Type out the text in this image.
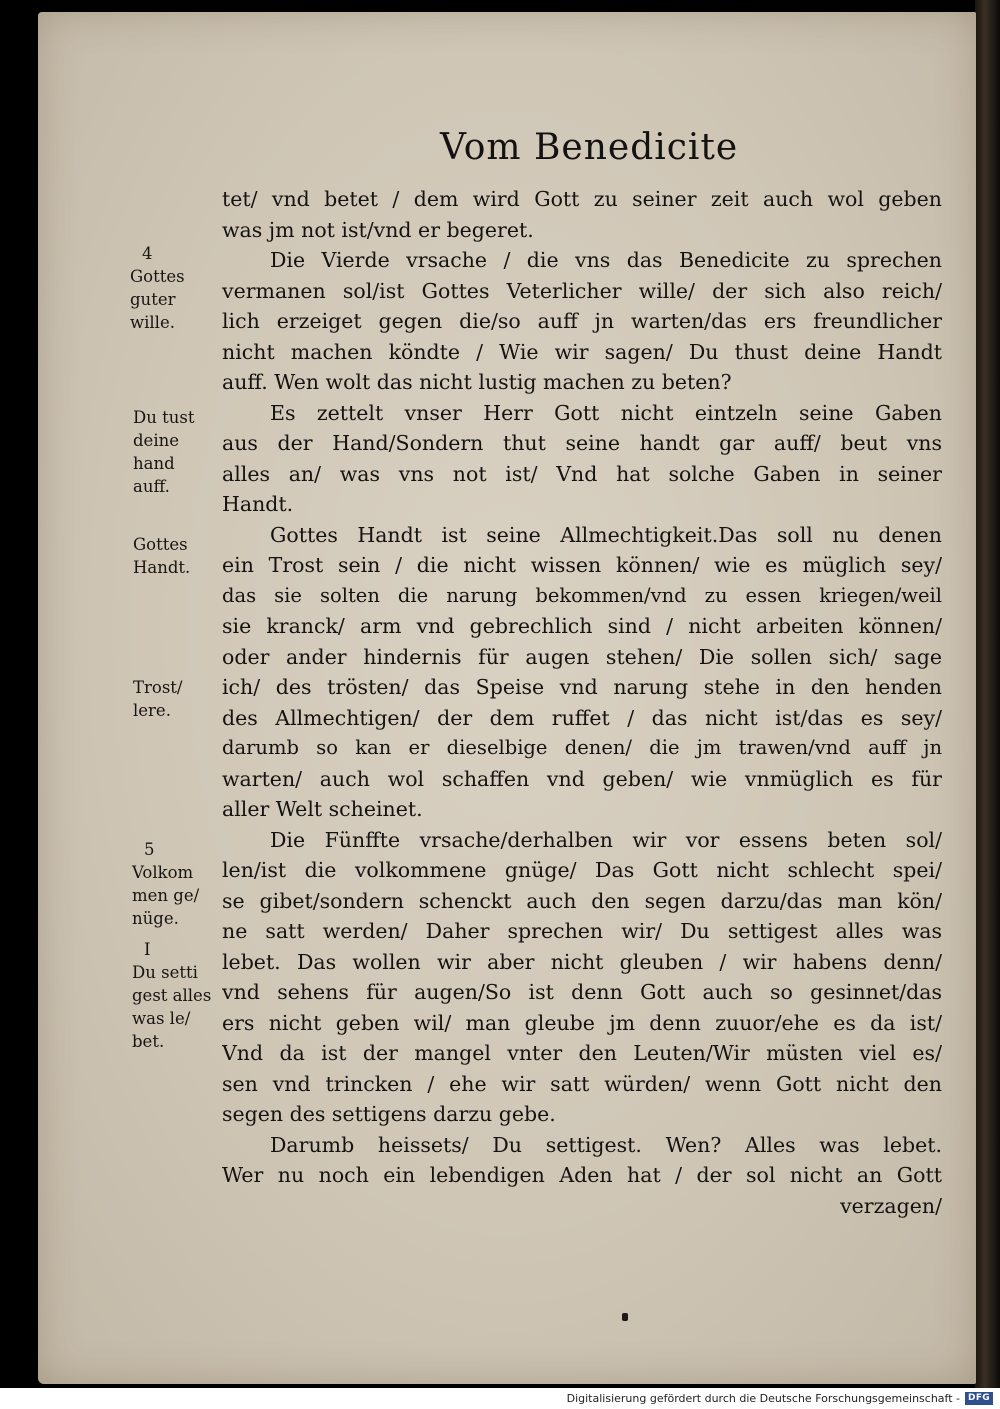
Vom Benedicite
tet/ vnd betet / dem wird Gott zu seiner zeit auch wol geben
was jm not ist/vnd er begeret.
Die Vierde vrsache / die vns das Benedicite zu sprechen
vermanen sol/ist Gottes Veterlicher wille/ der sich also reich/
lich erzeiget gegen die/so auff jn warten/das ers freundlicher
nicht machen köndte / Wie wir sagen/ Du thust deine Handt
auff. Wen wolt das nicht lustig machen zu beten?
Es zettelt vnser Herr Gott nicht eintzeln seine Gaben
aus der Hand/Sondern thut seine handt gar auff/ beut vns
alles an/ was vns not ist/ Vnd hat solche Gaben in seiner
Handt.
Gottes Handt ist seine Allmechtigkeit.Das soll nu denen
ein Trost sein / die nicht wissen können/ wie es müglich sey/
das sie solten die narung bekommen/vnd zu essen kriegen/weil
sie kranck/ arm vnd gebrechlich sind / nicht arbeiten können/
oder ander hindernis für augen stehen/ Die sollen sich/ sage
ich/ des trösten/ das Speise vnd narung stehe in den henden
des Allmechtigen/ der dem ruffet / das nicht ist/das es sey/
darumb so kan er dieselbige denen/ die jm trawen/vnd auff jn
warten/ auch wol schaffen vnd geben/ wie vnmüglich es für
aller Welt scheinet.
Die Fünffte vrsache/derhalben wir vor essens beten sol/
len/ist die volkommene gnüge/ Das Gott nicht schlecht spei/
se gibet/sondern schenckt auch den segen darzu/das man kön/
ne satt werden/ Daher sprechen wir/ Du settigest alles was
lebet. Das wollen wir aber nicht gleuben / wir habens denn/
vnd sehens für augen/So ist denn Gott auch so gesinnet/das
ers nicht geben wil/ man gleube jm denn zuuor/ehe es da ist/
Vnd da ist der mangel vnter den Leuten/Wir müsten viel es/
sen vnd trincken / ehe wir satt würden/ wenn Gott nicht den
segen des settigens darzu gebe.
Darumb heissets/ Du settigest. Wen? Alles was lebet.
Wer nu noch ein lebendigen Aden hat / der sol nicht an Gott
verzagen/
4
Gottes
guter
wille.
Du tust
deine
hand
auff.
Gottes
Handt.
Trost/
lere.
5
Volkom
men ge/
nüge.
I
Du setti
gest alles
was le/
bet.
Digitalisierung gefördert durch die Deutsche Forschungsgemeinschaft - DFG
